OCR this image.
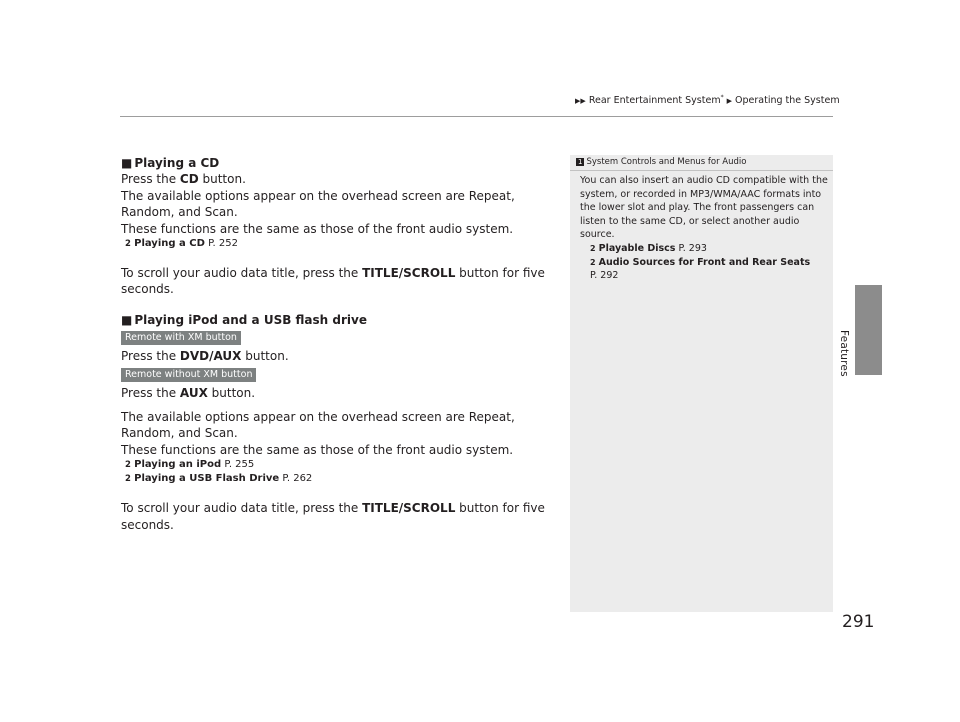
▶▶ Rear Entertainment System* ▶ Operating the System
Features
291

■ Playing a CD

Press the CD button.

The available options appear on the overhead screen are Repeat, Random, and Scan.

These functions are the same as those of the front audio system.

2 Playing a CD P. 252

To scroll your audio data title, press the TITLE/SCROLL button for five seconds.

■ Playing iPod and a USB flash drive

Remote with XM button

Press the DVD/AUX button.

Remote without XM button

Press the AUX button.

The available options appear on the overhead screen are Repeat, Random, and Scan.

These functions are the same as those of the front audio system.

2 Playing an iPod P. 255

2 Playing a USB Flash Drive P. 262

To scroll your audio data title, press the TITLE/SCROLL button for five seconds.

1 System Controls and Menus for Audio

You can also insert an audio CD compatible with the system, or recorded in MP3/WMA/AAC formats into the lower slot and play. The front passengers can listen to the same CD, or select another audio source.

2 Playable Discs P. 293

2 Audio Sources for Front and Rear Seats
P. 292
